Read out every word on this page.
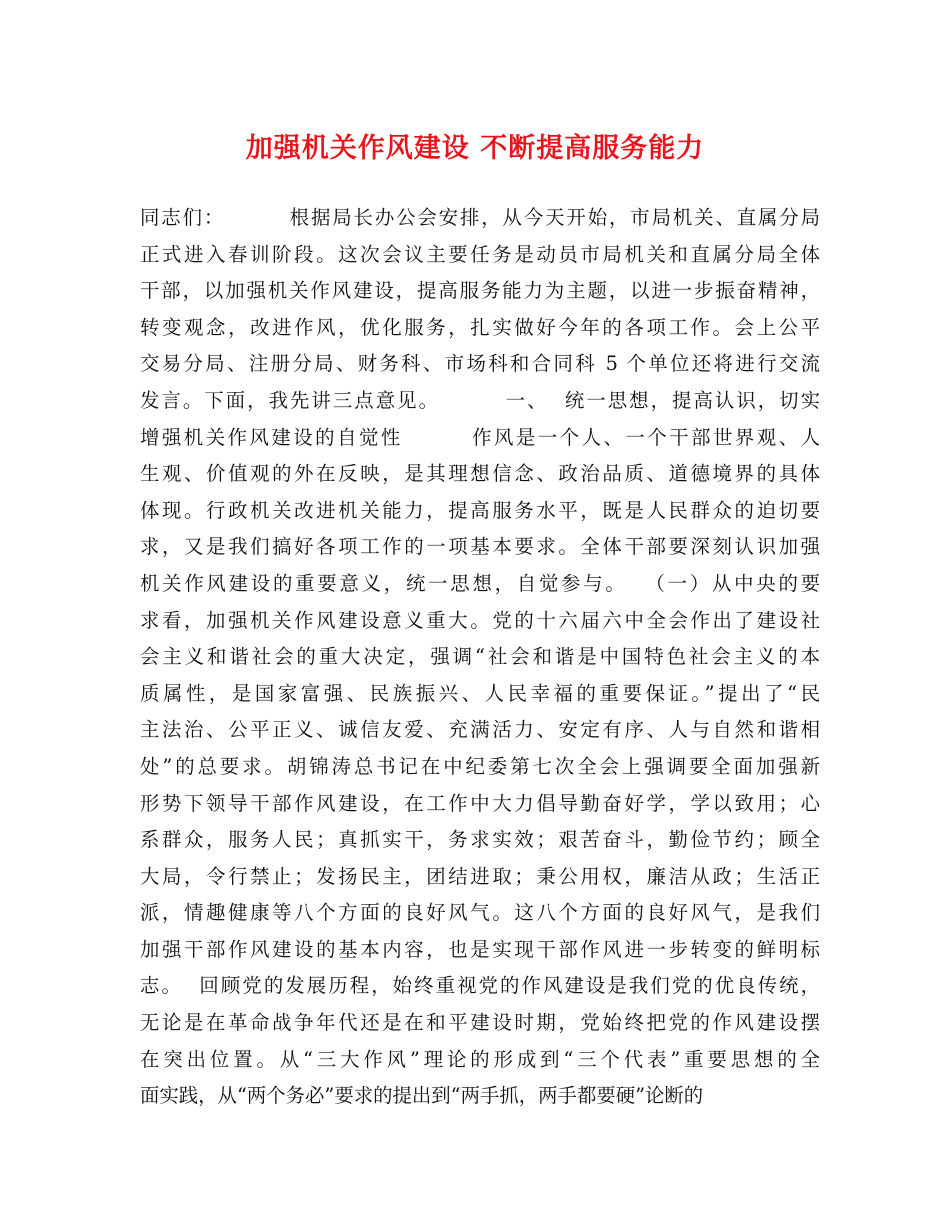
加强机关作风建设 不断提高服务能力
同志们：        根据局长办公会安排，从今天开始，市局机关、直属分局
正式进入春训阶段。这次会议主要任务是动员市局机关和直属分局全体
干部，以加强机关作风建设，提高服务能力为主题，以进一步振奋精神，
转变观念，改进作风，优化服务，扎实做好今年的各项工作。会上公平
交易分局、注册分局、财务科、市场科和合同科 5 个单位还将进行交流
发言。下面，我先讲三点意见。        一、  统一思想，提高认识，切实
增强机关作风建设的自觉性        作风是一个人、一个干部世界观、人
生观、价值观的外在反映，是其理想信念、政治品质、道德境界的具体
体现。行政机关改进机关能力，提高服务水平，既是人民群众的迫切要
求，又是我们搞好各项工作的一项基本要求。全体干部要深刻认识加强
机关作风建设的重要意义，统一思想，自觉参与。  （一）从中央的要
求看，加强机关作风建设意义重大。党的十六届六中全会作出了建设社
会主义和谐社会的重大决定，强调“社会和谐是中国特色社会主义的本
质属性，是国家富强、民族振兴、人民幸福的重要保证。”提出了“民
主法治、公平正义、诚信友爱、充满活力、安定有序、人与自然和谐相
处”的总要求。胡锦涛总书记在中纪委第七次全会上强调要全面加强新
形势下领导干部作风建设，在工作中大力倡导勤奋好学，学以致用；心
系群众，服务人民；真抓实干，务求实效；艰苦奋斗，勤俭节约；顾全
大局，令行禁止；发扬民主，团结进取；秉公用权，廉洁从政；生活正
派，情趣健康等八个方面的良好风气。这八个方面的良好风气，是我们
加强干部作风建设的基本内容，也是实现干部作风进一步转变的鲜明标
志。  回顾党的发展历程，始终重视党的作风建设是我们党的优良传统，
无论是在革命战争年代还是在和平建设时期，党始终把党的作风建设摆
在突出位置。从“三大作风”理论的形成到“三个代表”重要思想的全
面实践，从“两个务必”要求的提出到“两手抓，两手都要硬”论断的
